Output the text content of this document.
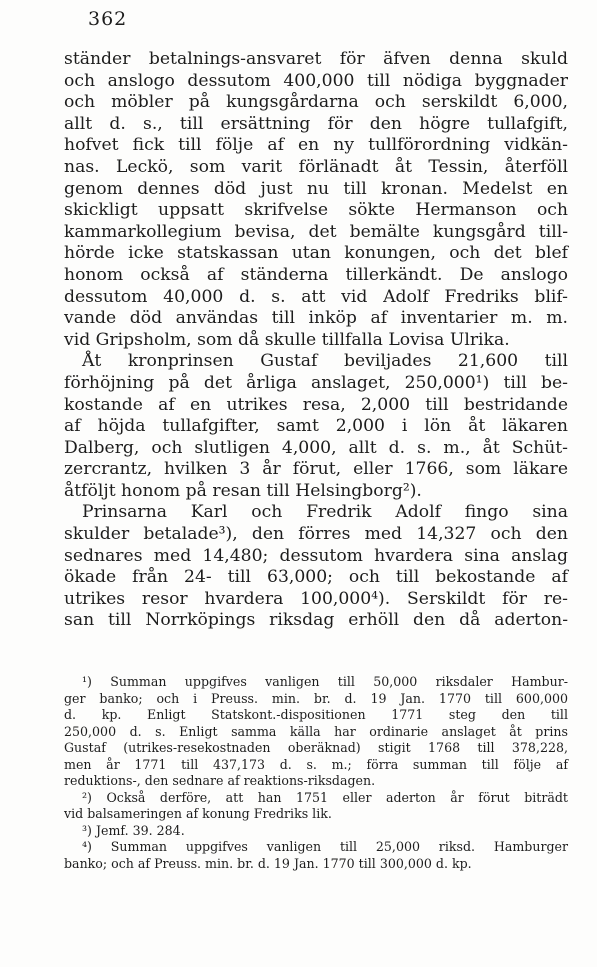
362
ständer betalnings-ansvaret för äfven denna skuld
och anslogo dessutom 400,000 till nödiga byggnader
och möbler på kungsgårdarna och serskildt 6,000,
allt d. s., till ersättning för den högre tullafgift,
hofvet fick till följe af en ny tullförordning vidkän-
nas. Leckö, som varit förlänadt åt Tessin, återföll
genom dennes död just nu till kronan. Medelst en
skickligt uppsatt skrifvelse sökte Hermanson och
kammarkollegium bevisa, det bemälte kungsgård till-
hörde icke statskassan utan konungen, och det blef
honom också af ständerna tillerkändt. De anslogo
dessutom 40,000 d. s. att vid Adolf Fredriks blif-
vande död användas till inköp af inventarier m. m.
vid Gripsholm, som då skulle tillfalla Lovisa Ulrika.
Åt kronprinsen Gustaf beviljades 21,600 till
förhöjning på det årliga anslaget, 250,000¹) till be-
kostande af en utrikes resa, 2,000 till bestridande
af höjda tullafgifter, samt 2,000 i lön åt läkaren
Dalberg, och slutligen 4,000, allt d. s. m., åt Schüt-
zercrantz, hvilken 3 år förut, eller 1766, som läkare
åtföljt honom på resan till Helsingborg²).
Prinsarna Karl och Fredrik Adolf fingo sina
skulder betalade³), den förres med 14,327 och den
sednares med 14,480; dessutom hvardera sina anslag
ökade från 24- till 63,000; och till bekostande af
utrikes resor hvardera 100,000⁴). Serskildt för re-
san till Norrköpings riksdag erhöll den då aderton-
¹) Summan uppgifves vanligen till 50,000 riksdaler Hambur-
ger banko; och i Preuss. min. br. d. 19 Jan. 1770 till 600,000
d. kp. Enligt Statskont.-dispositionen 1771 steg den till
250,000 d. s. Enligt samma källa har ordinarie anslaget åt prins
Gustaf (utrikes-resekostnaden oberäknad) stigit 1768 till 378,228,
men år 1771 till 437,173 d. s. m.; förra summan till följe af
reduktions-, den sednare af reaktions-riksdagen.
²) Också derföre, att han 1751 eller aderton år förut biträdt
vid balsameringen af konung Fredriks lik.
³) Jemf. 39. 284.
⁴) Summan uppgifves vanligen till 25,000 riksd. Hamburger
banko; och af Preuss. min. br. d. 19 Jan. 1770 till 300,000 d. kp.
